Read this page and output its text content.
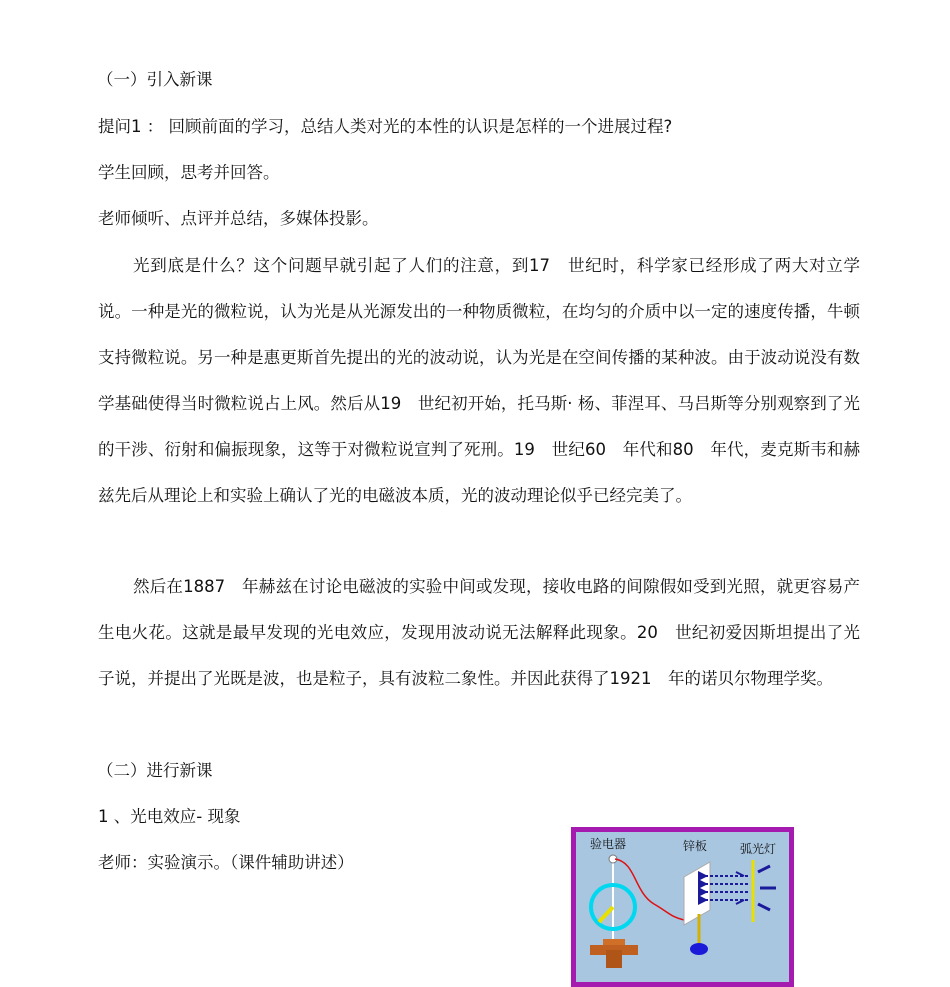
（一）引入新课
提问1 ： 回顾前面的学习，总结人类对光的本性的认识是怎样的一个进展过程?
学生回顾，思考并回答。
老师倾听、点评并总结，多媒体投影。

光到底是什么？这个问题早就引起了人们的注意，到17　世纪时，科学家已经形成了两大对立学说。一种是光的微粒说，认为光是从光源发出的一种物质微粒，在均匀的介质中以一定的速度传播，牛顿支持微粒说。另一种是惠更斯首先提出的光的波动说，认为光是在空间传播的某种波。由于波动说没有数学基础使得当时微粒说占上风。然后从19　世纪初开始，托马斯· 杨、菲涅耳、马吕斯等分别观察到了光的干涉、衍射和偏振现象，这等于对微粒说宣判了死刑。19　世纪60　年代和80　年代，麦克斯韦和赫兹先后从理论上和实验上确认了光的电磁波本质，光的波动理论似乎已经完美了。

然后在1887　年赫兹在讨论电磁波的实验中间或发现，接收电路的间隙假如受到光照，就更容易产生电火花。这就是最早发现的光电效应，发现用波动说无法解释此现象。20　世纪初爱因斯坦提出了光子说，并提出了光既是波，也是粒子，具有波粒二象性。并因此获得了1921　年的诺贝尔物理学奖。

（二）进行新课
1 、光电效应- 现象
老师：实验演示。（课件辅助讲述）
验电器	锌板	弧光灯
